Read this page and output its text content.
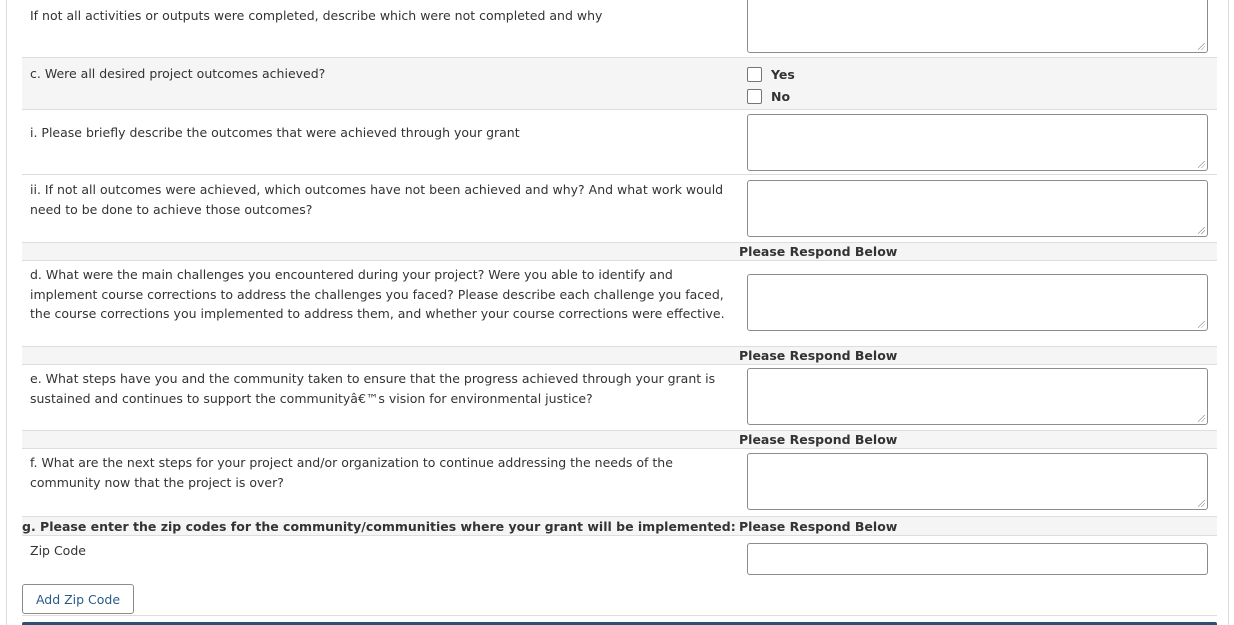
If not all activities or outputs were completed, describe which were not completed and why
c. Were all desired project outcomes achieved?	Yes
No
i. Please briefly describe the outcomes that were achieved through your grant
ii. If not all outcomes were achieved, which outcomes have not been achieved and why? And what work would need to be done to achieve those outcomes?
Please Respond Below
d. What were the main challenges you encountered during your project? Were you able to identify and implement course corrections to address the challenges you faced? Please describe each challenge you faced, the course corrections you implemented to address them, and whether your course corrections were effective.
Please Respond Below
e. What steps have you and the community taken to ensure that the progress achieved through your grant is sustained and continues to support the communityâ€™s vision for environmental justice?
Please Respond Below
f. What are the next steps for your project and/or organization to continue addressing the needs of the community now that the project is over?
g. Please enter the zip codes for the community/communities where your grant will be implemented: Please Respond Below
Zip Code
Add Zip Code
